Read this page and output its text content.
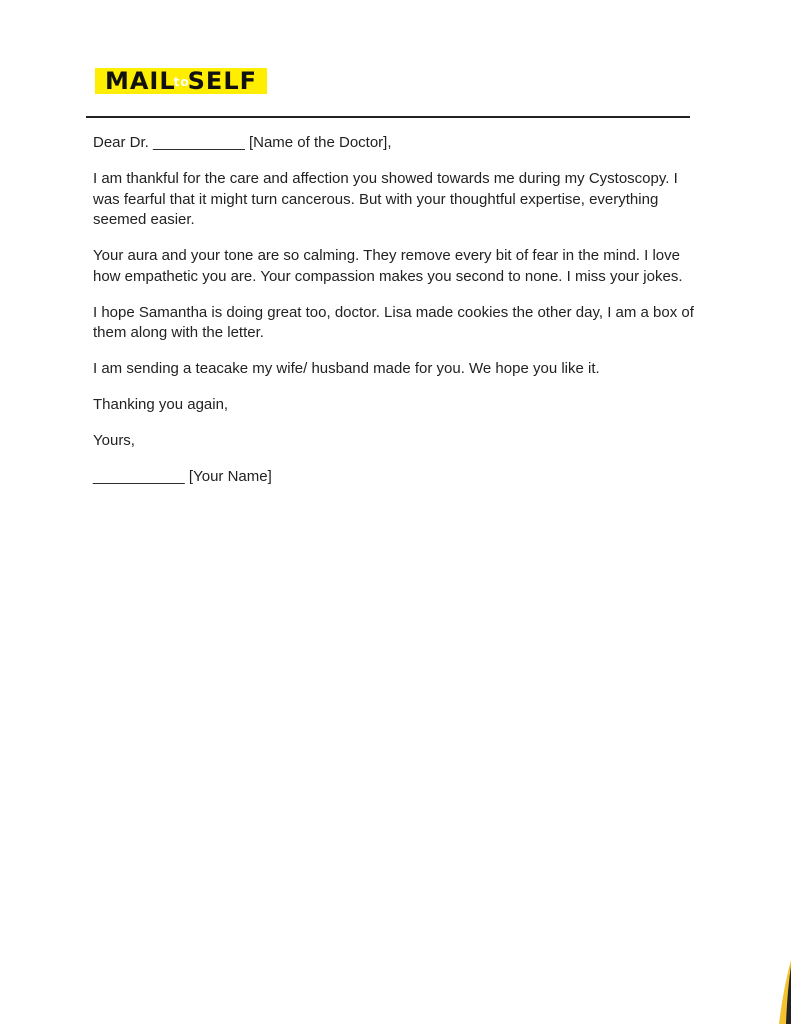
MAIL
to
SELF

Dear Dr. ___________ [Name of the Doctor],

I am thankful for the care and affection you showed towards me during my Cystoscopy. I was fearful that it might turn cancerous. But with your thoughtful expertise, everything seemed easier.

Your aura and your tone are so calming. They remove every bit of fear in the mind. I love how empathetic you are. Your compassion makes you second to none. I miss your jokes.

I hope Samantha is doing great too, doctor. Lisa made cookies the other day, I am a box of them along with the letter.

I am sending a teacake my wife/ husband made for you. We hope you like it.

Thanking you again,

Yours,

___________ [Your Name]
